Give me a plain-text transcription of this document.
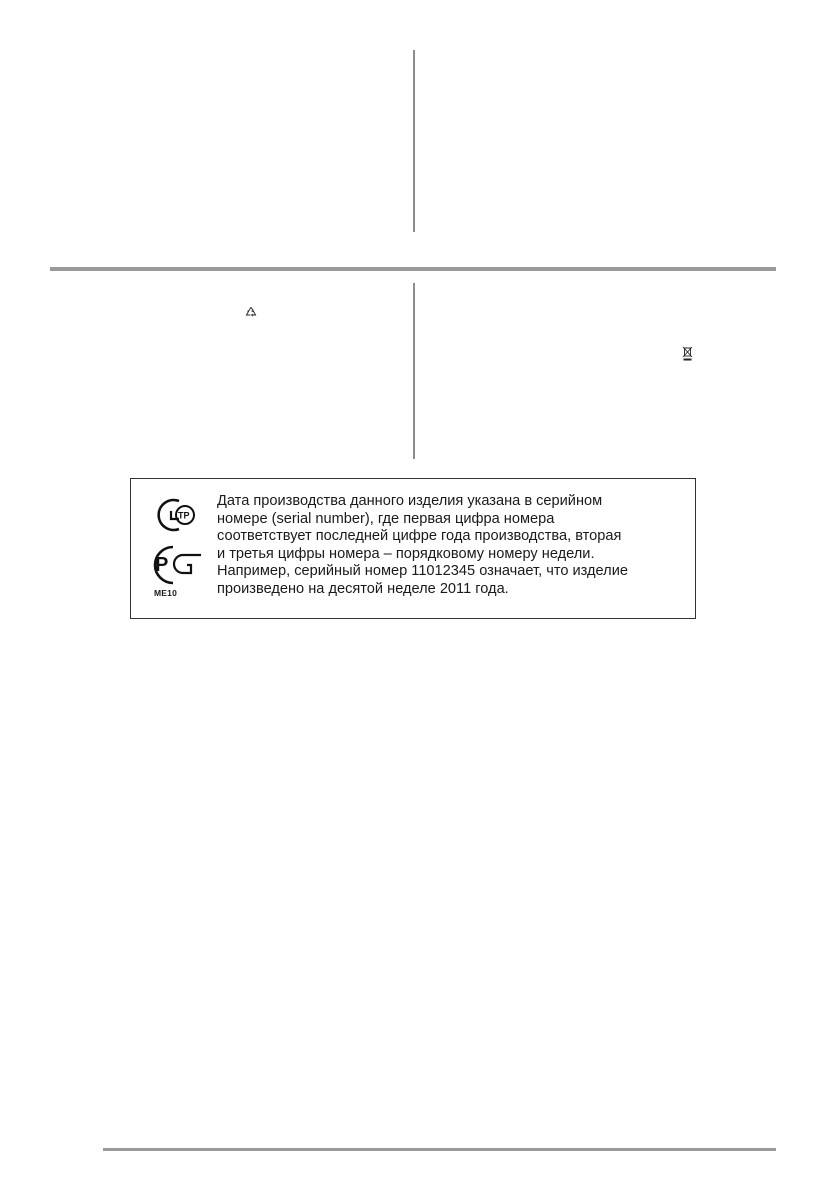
ТР
Р
ME10

Дата производства данного изделия указана в серийном

номере (serial number), где первая цифра номера

соответствует последней цифре года производства, вторая

и третья цифры номера – порядковому номеру недели.

Например, серийный номер 11012345 означает, что изделие

произведено на десятой неделе 2011 года.
